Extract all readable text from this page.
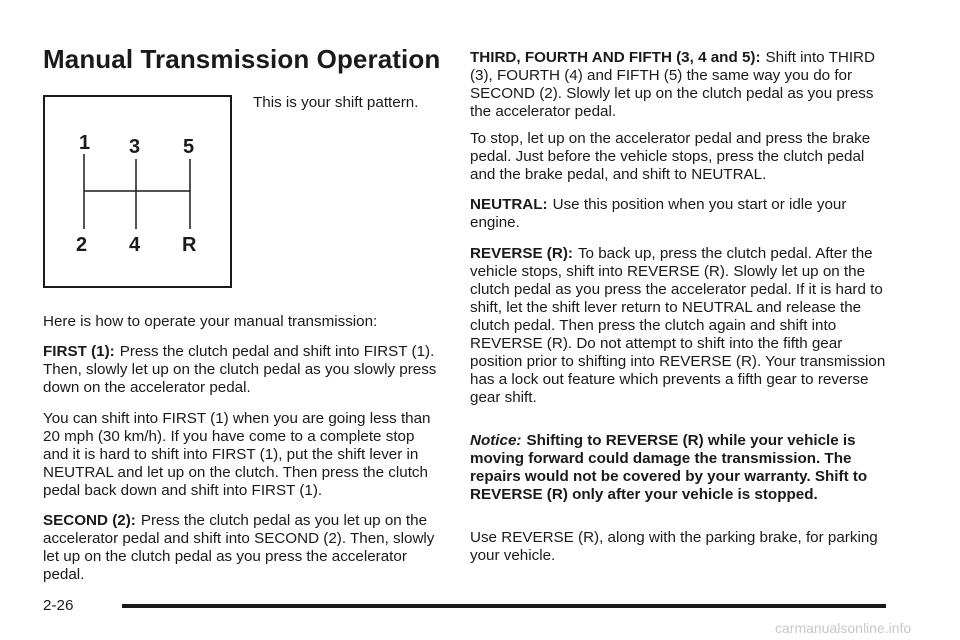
Manual Transmission Operation
1 3 5
2 4 R

This is your shift pattern.

Here is how to operate your manual transmission:

FIRST (1): Press the clutch pedal and shift into FIRST (1). Then, slowly let up on the clutch pedal as you slowly press down on the accelerator pedal.

You can shift into FIRST (1) when you are going less than 20 mph (30 km/h). If you have come to a complete stop and it is hard to shift into FIRST (1), put the shift lever in NEUTRAL and let up on the clutch. Then press the clutch pedal back down and shift into FIRST (1).

SECOND (2): Press the clutch pedal as you let up on the accelerator pedal and shift into SECOND (2). Then, slowly let up on the clutch pedal as you press the accelerator pedal.

THIRD, FOURTH AND FIFTH (3, 4 and 5): Shift into THIRD (3), FOURTH (4) and FIFTH (5) the same way you do for SECOND (2). Slowly let up on the clutch pedal as you press the accelerator pedal.

To stop, let up on the accelerator pedal and press the brake pedal. Just before the vehicle stops, press the clutch pedal and the brake pedal, and shift to NEUTRAL.

NEUTRAL: Use this position when you start or idle your engine.

REVERSE (R): To back up, press the clutch pedal. After the vehicle stops, shift into REVERSE (R). Slowly let up on the clutch pedal as you press the accelerator pedal. If it is hard to shift, let the shift lever return to NEUTRAL and release the clutch pedal. Then press the clutch again and shift into REVERSE (R). Do not attempt to shift into the fifth gear position prior to shifting into REVERSE (R). Your transmission has a lock out feature which prevents a fifth gear to reverse gear shift.

Notice: Shifting to REVERSE (R) while your vehicle is moving forward could damage the transmission. The repairs would not be covered by your warranty. Shift to REVERSE (R) only after your vehicle is stopped.

Use REVERSE (R), along with the parking brake, for parking your vehicle.

2-26

carmanualsonline.info
